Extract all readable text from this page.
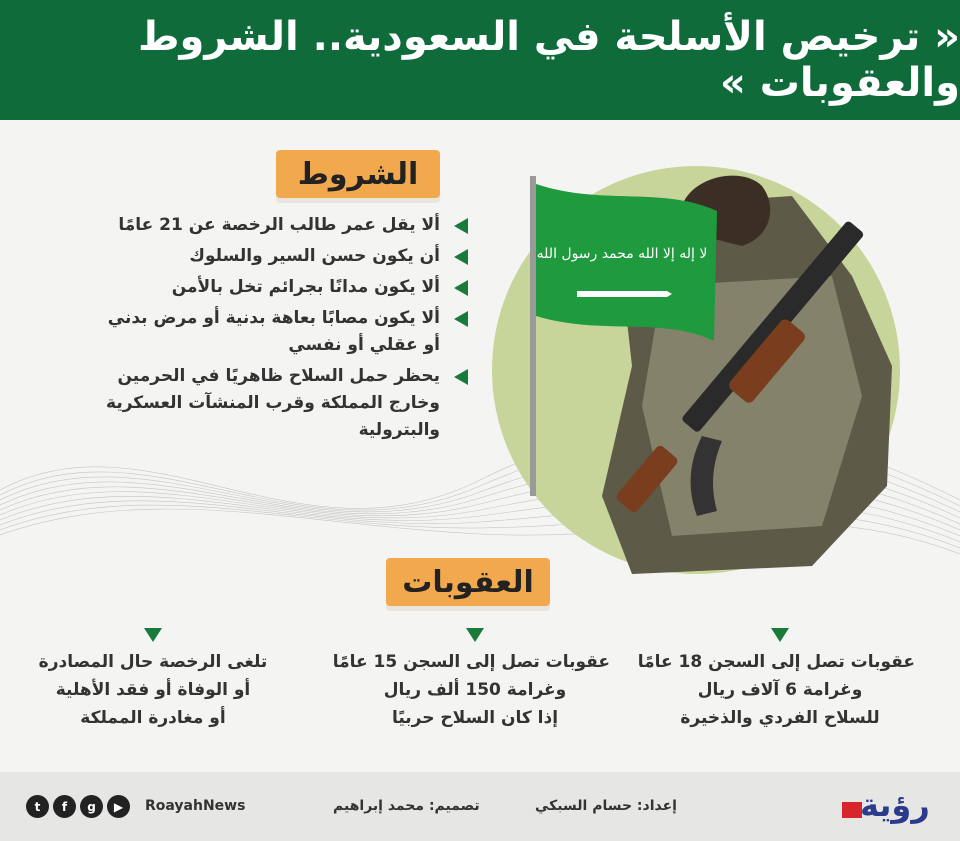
« ترخيص الأسلحة في السعودية.. الشروط والعقوبات »
الشروط
ألا يقل عمر طالب الرخصة عن 21 عامًا
أن يكون حسن السير والسلوك
ألا يكون مدانًا بجرائم تخل بالأمن
ألا يكون مصابًا بعاهة بدنية أو مرض بدني
أو عقلي أو نفسي
يحظر حمل السلاح ظاهريًا في الحرمين
وخارج المملكة وقرب المنشآت العسكرية والبترولية
لا إله إلا الله محمد رسول الله
العقوبات

عقوبات تصل إلى السجن 18 عامًا

وغرامة 6 آلاف ريال

للسلاح الفردي والذخيرة

عقوبات تصل إلى السجن 15 عامًا

وغرامة 150 ألف ريال

إذا كان السلاح حربيًا

تلغى الرخصة حال المصادرة

أو الوفاة أو فقد الأهلية

أو مغادرة المملكة

رؤية
إعداد: حسام السبكي
تصميم: محمد إبراهيم
RoayahNews
t	f	g	▶
